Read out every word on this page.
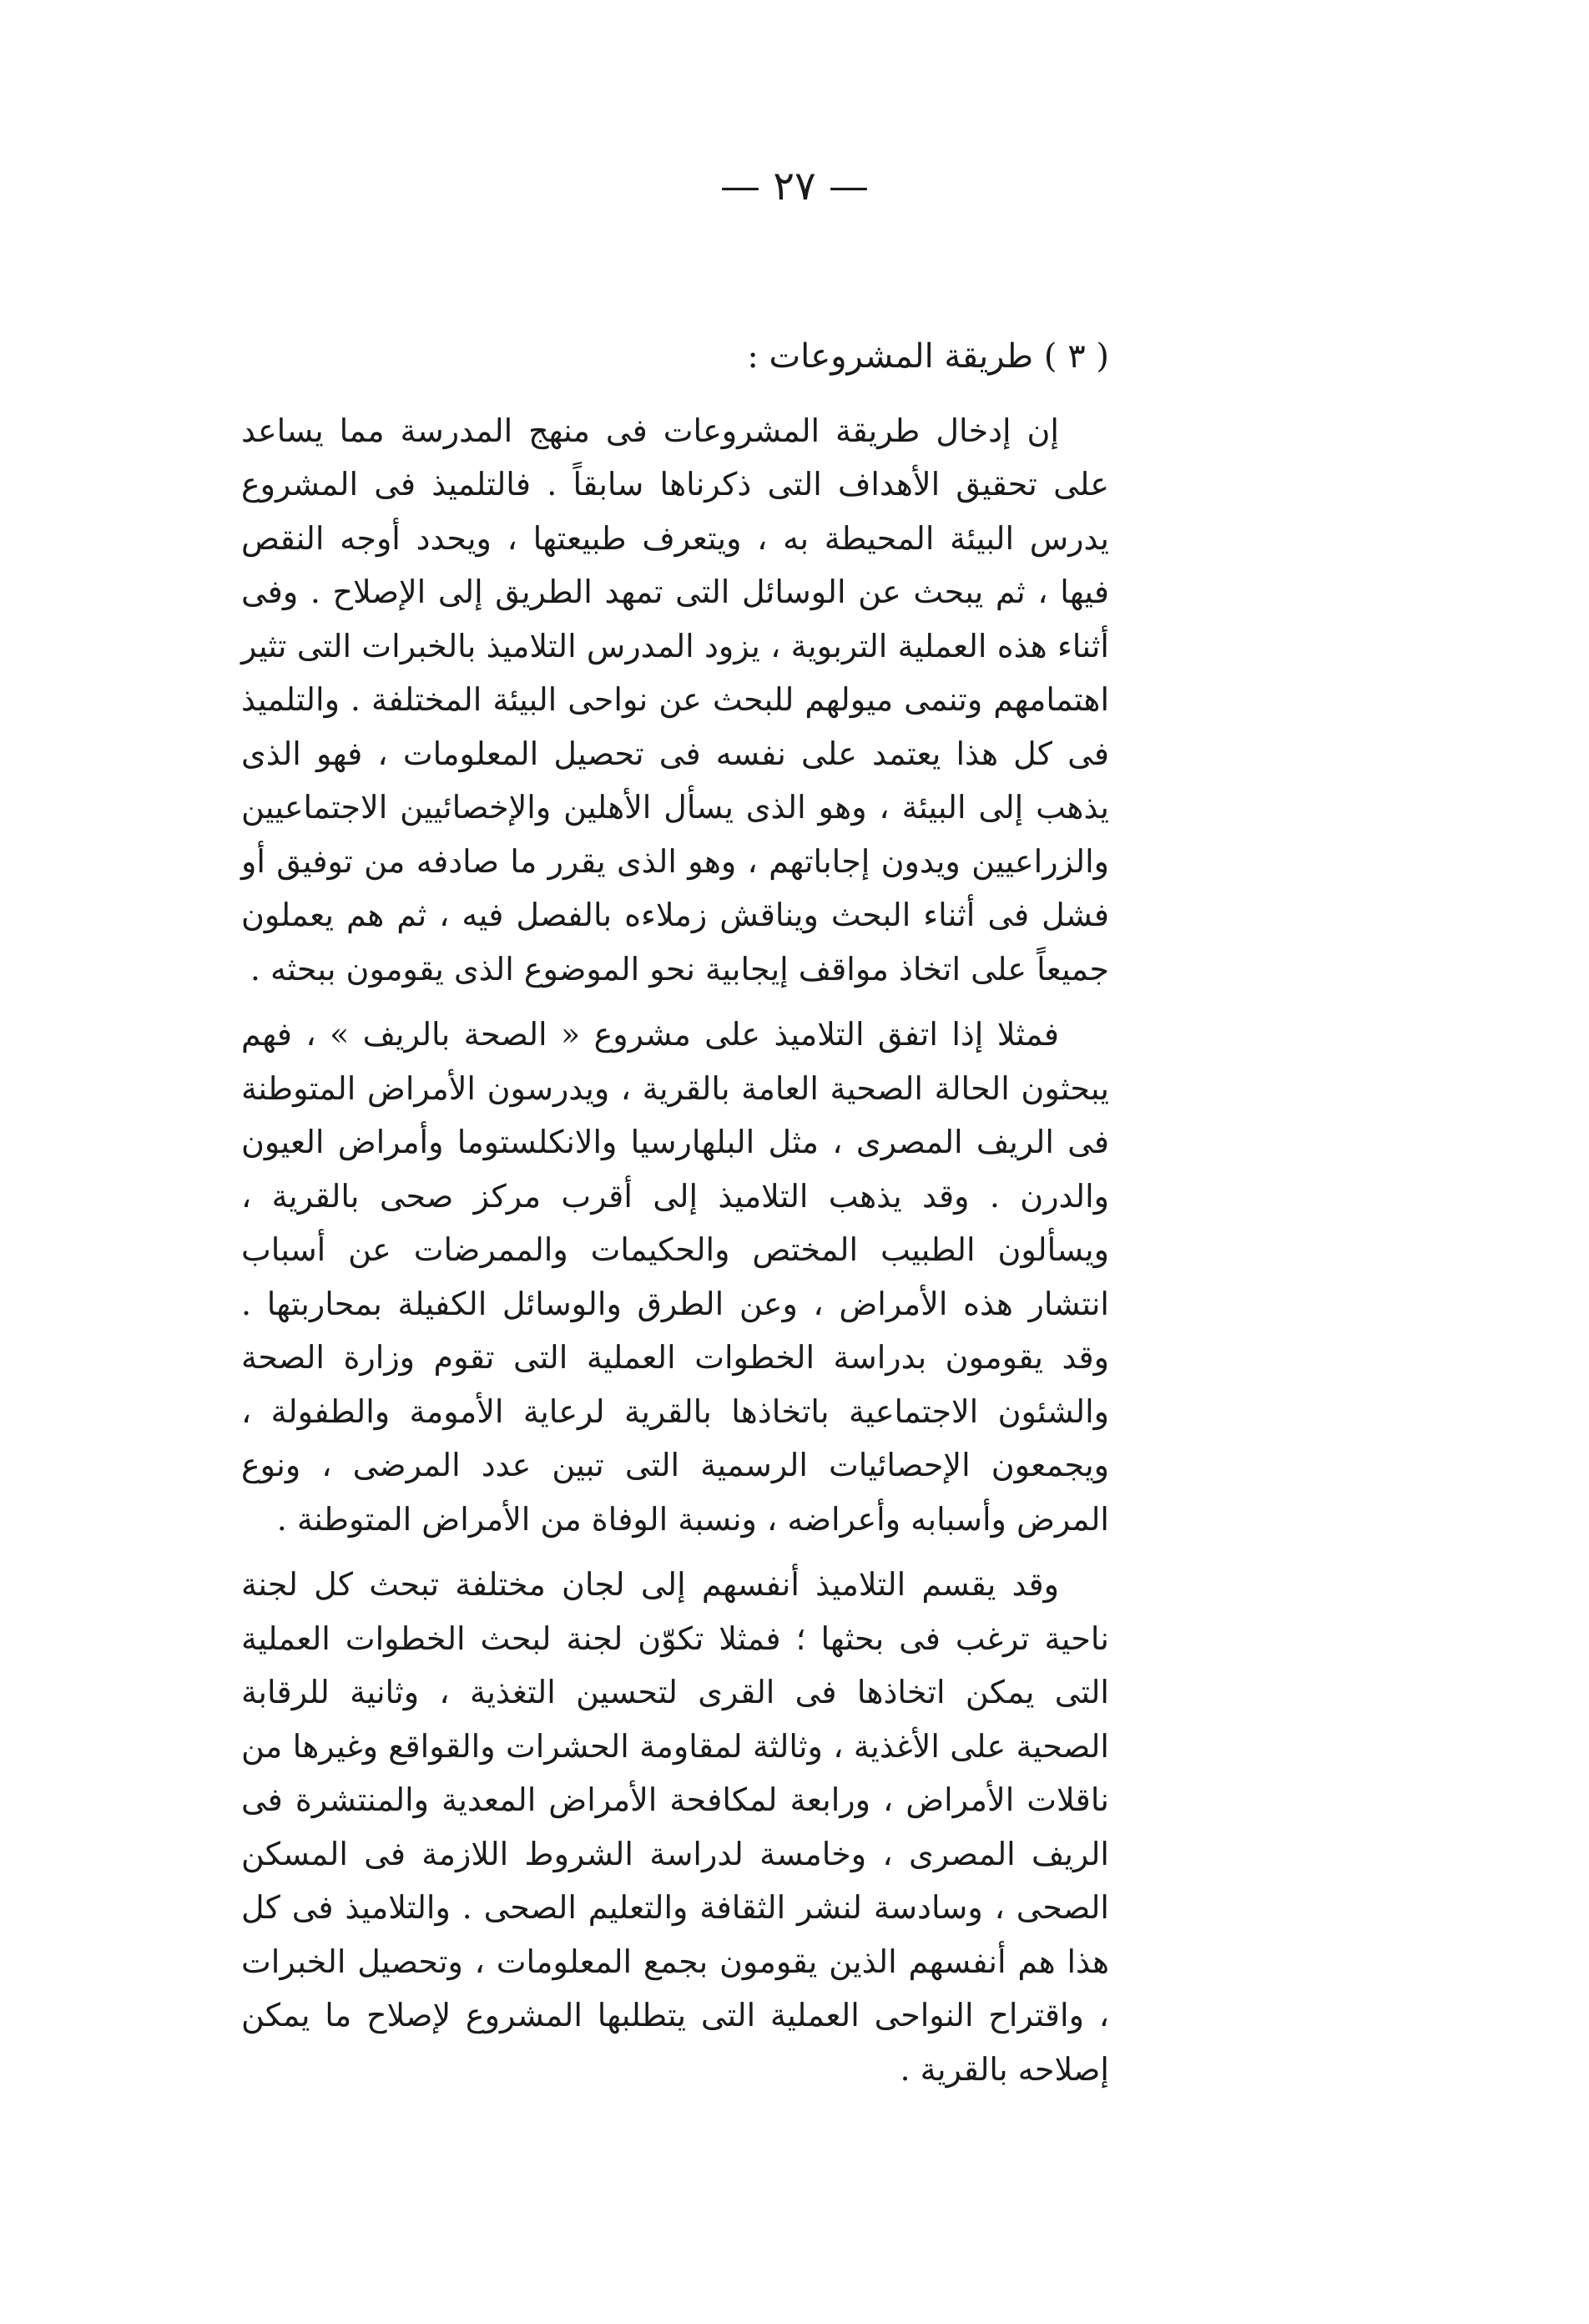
— ٢٧ —
( ٣ ) طريقة المشروعات :

إن إدخال طريقة المشروعات فى منهج المدرسة مما يساعد على تحقيق الأهداف التى ذكرناها سابقاً . فالتلميذ فى المشروع يدرس البيئة المحيطة به ، ويتعرف طبيعتها ، ويحدد أوجه النقص فيها ، ثم يبحث عن الوسائل التى تمهد الطريق إلى الإصلاح . وفى أثناء هذه العملية التربوية ، يزود المدرس التلاميذ بالخبرات التى تثير اهتمامهم وتنمى ميولهم للبحث عن نواحى البيئة المختلفة . والتلميذ فى كل هذا يعتمد على نفسه فى تحصيل المعلومات ، فهو الذى يذهب إلى البيئة ، وهو الذى يسأل الأهلين والإخصائيين الاجتماعيين والزراعيين ويدون إجاباتهم ، وهو الذى يقرر ما صادفه من توفيق أو فشل فى أثناء البحث ويناقش زملاءه بالفصل فيه ، ثم هم يعملون جميعاً على اتخاذ مواقف إيجابية نحو الموضوع الذى يقومون ببحثه .

فمثلا إذا اتفق التلاميذ على مشروع « الصحة بالريف » ، فهم يبحثون الحالة الصحية العامة بالقرية ، ويدرسون الأمراض المتوطنة فى الريف المصرى ، مثل البلهارسيا والانكلستوما وأمراض العيون والدرن . وقد يذهب التلاميذ إلى أقرب مركز صحى بالقرية ، ويسألون الطبيب المختص والحكيمات والممرضات عن أسباب انتشار هذه الأمراض ، وعن الطرق والوسائل الكفيلة بمحاربتها . وقد يقومون بدراسة الخطوات العملية التى تقوم وزارة الصحة والشئون الاجتماعية باتخاذها بالقرية لرعاية الأمومة والطفولة ، ويجمعون الإحصائيات الرسمية التى تبين عدد المرضى ، ونوع المرض وأسبابه وأعراضه ، ونسبة الوفاة من الأمراض المتوطنة .

وقد يقسم التلاميذ أنفسهم إلى لجان مختلفة تبحث كل لجنة ناحية ترغب فى بحثها ؛ فمثلا تكوّن لجنة لبحث الخطوات العملية التى يمكن اتخاذها فى القرى لتحسين التغذية ، وثانية للرقابة الصحية على الأغذية ، وثالثة لمقاومة الحشرات والقواقع وغيرها من ناقلات الأمراض ، ورابعة لمكافحة الأمراض المعدية والمنتشرة فى الريف المصرى ، وخامسة لدراسة الشروط اللازمة فى المسكن الصحى ، وسادسة لنشر الثقافة والتعليم الصحى . والتلاميذ فى كل هذا هم أنفسهم الذين يقومون بجمع المعلومات ، وتحصيل الخبرات ، واقتراح النواحى العملية التى يتطلبها المشروع لإصلاح ما يمكن إصلاحه بالقرية .
